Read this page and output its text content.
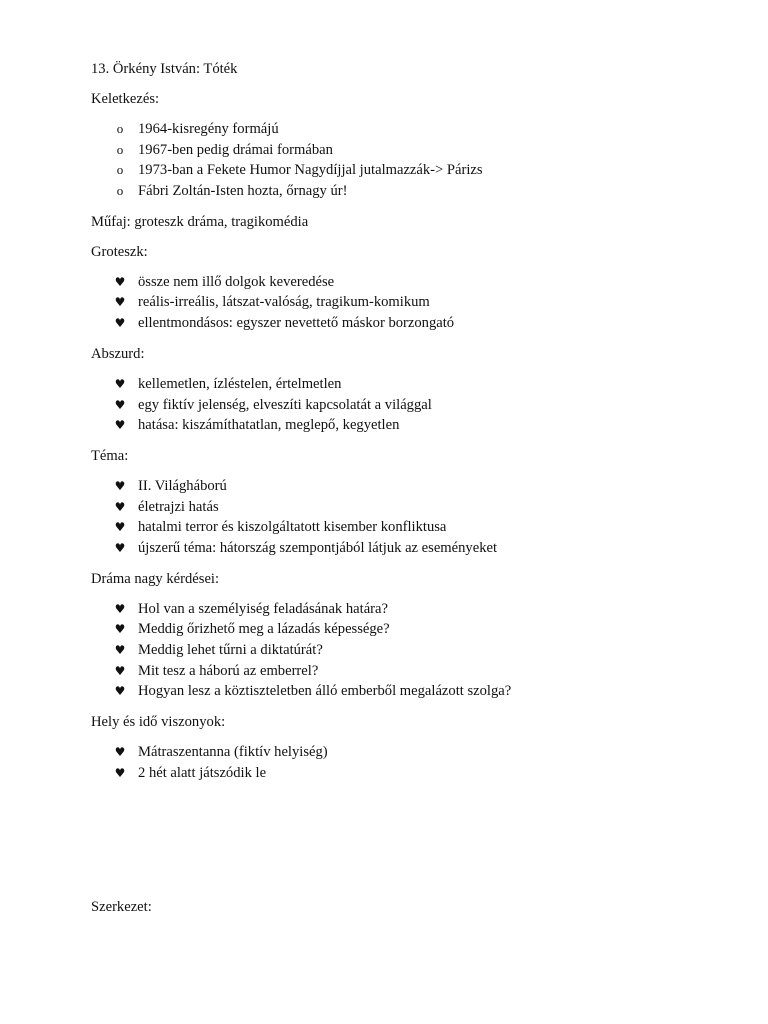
13. Örkény István: Tóték
Keletkezés:
o 1964-kisregény formájú
o 1967-ben pedig drámai formában
o 1973-ban a Fekete Humor Nagydíjjal jutalmazzák-> Párizs
o Fábri Zoltán-Isten hozta, őrnagy úr!
Műfaj: groteszk dráma, tragikomédia
Groteszk:
♥ össze nem illő dolgok keveredése
♥ reális-irreális, látszat-valóság, tragikum-komikum
♥ ellentmondásos: egyszer nevettető máskor borzongató
Abszurd:
♥ kellemetlen, ízléstelen, értelmetlen
♥ egy fiktív jelenség, elveszíti kapcsolatát a világgal
♥ hatása: kiszámíthatatlan, meglepő, kegyetlen
Téma:
♥ II. Világháború
♥ életrajzi hatás
♥ hatalmi terror és kiszolgáltatott kisember konfliktusa
♥ újszerű téma: hátország szempontjából látjuk az eseményeket
Dráma nagy kérdései:
♥ Hol van a személyiség feladásának határa?
♥ Meddig őrizhető meg a lázadás képessége?
♥ Meddig lehet tűrni a diktatúrát?
♥ Mit tesz a háború az emberrel?
♥ Hogyan lesz a köztiszteletben álló emberből megalázott szolga?
Hely és idő viszonyok:
♥ Mátraszentanna (fiktív helyiség)
♥ 2 hét alatt játszódik le
Szerkezet:
